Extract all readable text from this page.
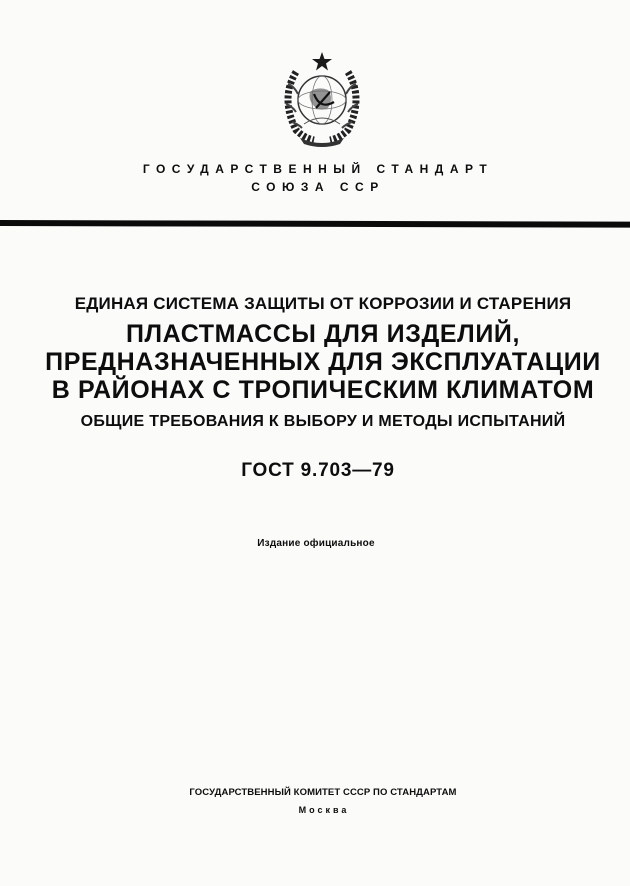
ГОСУДАРСТВЕННЫЙ СТАНДАРТ
СОЮЗА ССР
ЕДИНАЯ СИСТЕМА ЗАЩИТЫ ОТ КОРРОЗИИ И СТАРЕНИЯ
ПЛАСТМАССЫ ДЛЯ ИЗДЕЛИЙ,
ПРЕДНАЗНАЧЕННЫХ ДЛЯ ЭКСПЛУАТАЦИИ
В РАЙОНАХ С ТРОПИЧЕСКИМ КЛИМАТОМ
ОБЩИЕ ТРЕБОВАНИЯ К ВЫБОРУ И МЕТОДЫ ИСПЫТАНИЙ
ГОСТ 9.703—79
Издание официальное
ГОСУДАРСТВЕННЫЙ КОМИТЕТ СССР ПО СТАНДАРТАМ
Москва
